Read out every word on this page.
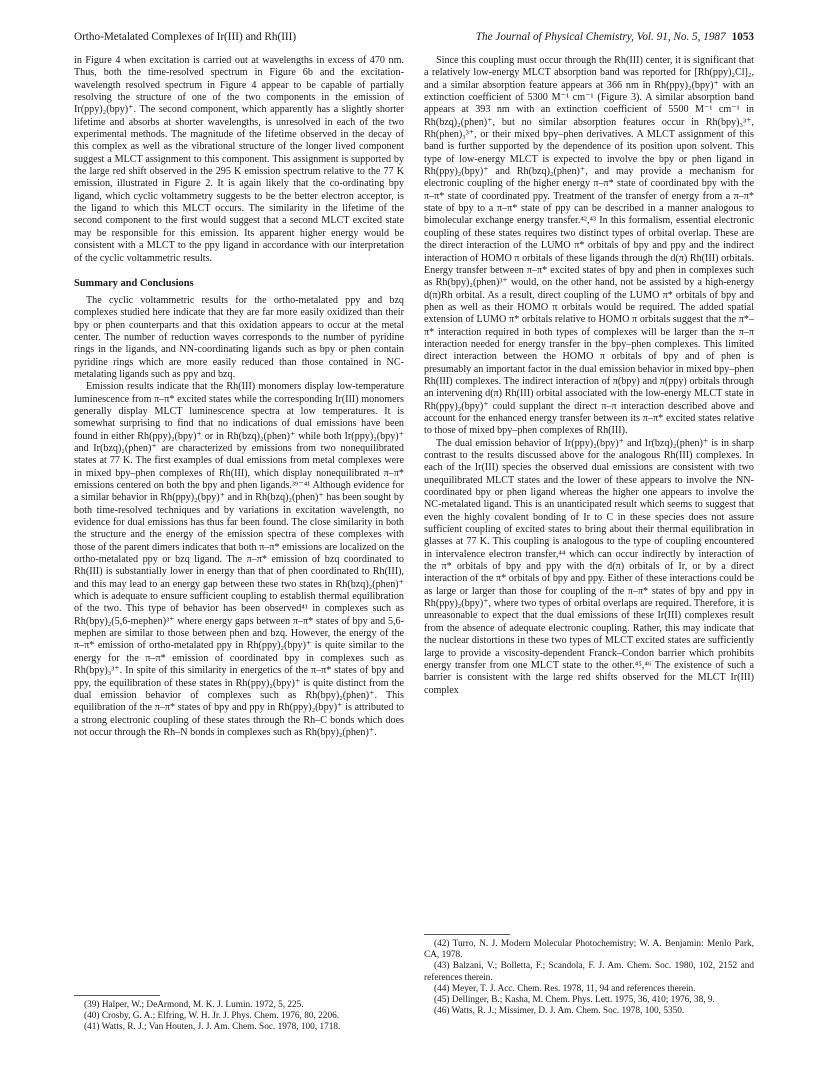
Ortho-Metalated Complexes of Ir(III) and Rh(III)	The Journal of Physical Chemistry, Vol. 91, No. 5, 1987 1053

in Figure 4 when excitation is carried out at wavelengths in excess of 470 nm. Thus, both the time-resolved spectrum in Figure 6b and the excitation-wavelength resolved spectrum in Figure 4 appear to be capable of partially resolving the structure of one of the two components in the emission of Ir(ppy)₂(bpy)⁺. The second component, which apparently has a slightly shorter lifetime and absorbs at shorter wavelengths, is unresolved in each of the two experimental methods. The magnitude of the lifetime observed in the decay of this complex as well as the vibrational structure of the longer lived component suggest a MLCT assignment to this component. This assignment is supported by the large red shift observed in the 295 K emission spectrum relative to the 77 K emission, illustrated in Figure 2. It is again likely that the co-ordinating bpy ligand, which cyclic voltammetry suggests to be the better electron acceptor, is the ligand to which this MLCT occurs. The similarity in the lifetime of the second component to the first would suggest that a second MLCT excited state may be responsible for this emission. Its apparent higher energy would be consistent with a MLCT to the ppy ligand in accordance with our interpretation of the cyclic voltammetric results.

Summary and Conclusions

The cyclic voltammetric results for the ortho-metalated ppy and bzq complexes studied here indicate that they are far more easily oxidized than their bpy or phen counterparts and that this oxidation appears to occur at the metal center. The number of reduction waves corresponds to the number of pyridine rings in the ligands, and NN-coordinating ligands such as bpy or phen contain pyridine rings which are more easily reduced than those contained in NC-metalating ligands such as ppy and bzq.

Emission results indicate that the Rh(III) monomers display low-temperature luminescence from π–π* excited states while the corresponding Ir(III) monomers generally display MLCT luminescence spectra at low temperatures. It is somewhat surprising to find that no indications of dual emissions have been found in either Rh(ppy)₂(bpy)⁺ or in Rh(bzq)₂(phen)⁺ while both Ir(ppy)₂(bpy)⁺ and Ir(bzq)₂(phen)⁺ are characterized by emissions from two nonequilibrated states at 77 K. The first examples of dual emissions from metal complexes were in mixed bpy–phen complexes of Rh(III), which display nonequilibrated π–π* emissions centered on both the bpy and phen ligands.³⁹⁻⁴¹ Although evidence for a similar behavior in Rh(ppy)₂(bpy)⁺ and in Rh(bzq)₂(phen)⁺ has been sought by both time-resolved techniques and by variations in excitation wavelength, no evidence for dual emissions has thus far been found. The close similarity in both the structure and the energy of the emission spectra of these complexes with those of the parent dimers indicates that both π–π* emissions are localized on the ortho-metalated ppy or bzq ligand. The π–π* emission of bzq coordinated to Rh(III) is substantially lower in energy than that of phen coordinated to Rh(III), and this may lead to an energy gap between these two states in Rh(bzq)₂(phen)⁺ which is adequate to ensure sufficient coupling to establish thermal equilibration of the two. This type of behavior has been observed⁴¹ in complexes such as Rh(bpy)₂(5,6-mephen)³⁺ where energy gaps between π–π* states of bpy and 5,6-mephen are similar to those between phen and bzq. However, the energy of the π–π* emission of ortho-metalated ppy in Rh(ppy)₂(bpy)⁺ is quite similar to the energy for the π–π* emission of coordinated bpy in complexes such as Rh(bpy)₃³⁺. In spite of this similarity in energetics of the π–π* states of bpy and ppy, the equilibration of these states in Rh(ppy)₂(bpy)⁺ is quite distinct from the dual emission behavior of complexes such as Rh(bpy)₂(phen)⁺. This equilibration of the π–π* states of bpy and ppy in Rh(ppy)₂(bpy)⁺ is attributed to a strong electronic coupling of these states through the Rh–C bonds which does not occur through the Rh–N bonds in complexes such as Rh(bpy)₂(phen)⁺.

Since this coupling must occur through the Rh(III) center, it is significant that a relatively low-energy MLCT absorption band was reported for [Rh(ppy)₂Cl]₂, and a similar absorption feature appears at 366 nm in Rh(ppy)₂(bpy)⁺ with an extinction coefficient of 5300 M⁻¹ cm⁻¹ (Figure 3). A similar absorption band appears at 393 nm with an extinction coefficient of 5500 M⁻¹ cm⁻¹ in Rh(bzq)₂(phen)⁺, but no similar absorption features occur in Rh(bpy)₃³⁺, Rh(phen)₃³⁺, or their mixed bpy–phen derivatives. A MLCT assignment of this band is further supported by the dependence of its position upon solvent. This type of low-energy MLCT is expected to involve the bpy or phen ligand in Rh(ppy)₂(bpy)⁺ and Rh(bzq)₂(phen)⁺, and may provide a mechanism for electronic coupling of the higher energy π–π* state of coordinated bpy with the π–π* state of coordinated ppy. Treatment of the transfer of energy from a π–π* state of bpy to a π–π* state of ppy can be described in a manner analogous to bimolecular exchange energy transfer.⁴²,⁴³ In this formalism, essential electronic coupling of these states requires two distinct types of orbital overlap. These are the direct interaction of the LUMO π* orbitals of bpy and ppy and the indirect interaction of HOMO π orbitals of these ligands through the d(π) Rh(III) orbitals. Energy transfer between π–π* excited states of bpy and phen in complexes such as Rh(bpy)₂(phen)³⁺ would, on the other hand, not be assisted by a high-energy d(π)Rh orbital. As a result, direct coupling of the LUMO π* orbitals of bpy and phen as well as their HOMO π orbitals would be required. The added spatial extension of LUMO π* orbitals relative to HOMO π orbitals suggest that the π*–π* interaction required in both types of complexes will be larger than the π–π interaction needed for energy transfer in the bpy–phen complexes. This limited direct interaction between the HOMO π orbitals of bpy and of phen is presumably an important factor in the dual emission behavior in mixed bpy–phen Rh(III) complexes. The indirect interaction of π(bpy) and π(ppy) orbitals through an intervening d(π) Rh(III) orbital associated with the low-energy MLCT state in Rh(ppy)₂(bpy)⁺ could supplant the direct π–π interaction described above and account for the enhanced energy transfer between its π–π* excited states relative to those of mixed bpy–phen complexes of Rh(III).

The dual emission behavior of Ir(ppy)₂(bpy)⁺ and Ir(bzq)₂(phen)⁺ is in sharp contrast to the results discussed above for the analogous Rh(III) complexes. In each of the Ir(III) species the observed dual emissions are consistent with two unequilibrated MLCT states and the lower of these appears to involve the NN-coordinated bpy or phen ligand whereas the higher one appears to involve the NC-metalated ligand. This is an unanticipated result which seems to suggest that even the highly covalent bonding of Ir to C in these species does not assure sufficient coupling of excited states to bring about their thermal equilibration in glasses at 77 K. This coupling is analogous to the type of coupling encountered in intervalence electron transfer,⁴⁴ which can occur indirectly by interaction of the π* orbitals of bpy and ppy with the d(π) orbitals of Ir, or by a direct interaction of the π* orbitals of bpy and ppy. Either of these interactions could be as large or larger than those for coupling of the π–π* states of bpy and ppy in Rh(ppy)₂(bpy)⁺, where two types of orbital overlaps are required. Therefore, it is unreasonable to expect that the dual emissions of these Ir(III) complexes result from the absence of adequate electronic coupling. Rather, this may indicate that the nuclear distortions in these two types of MLCT excited states are sufficiently large to provide a viscosity-dependent Franck–Condon barrier which prohibits energy transfer from one MLCT state to the other.⁴⁵,⁴⁶ The existence of such a barrier is consistent with the large red shifts observed for the MLCT Ir(III) complex

(39) Halper, W.; DeArmond, M. K. J. Lumin. 1972, 5, 225.
(40) Crosby, G. A.; Elfring, W. H. Jr. J. Phys. Chem. 1976, 80, 2206.
(41) Watts, R. J.; Van Houten, J. J. Am. Chem. Soc. 1978, 100, 1718.
(42) Turro, N. J. Modern Molecular Photochemistry; W. A. Benjamin: Menlo Park, CA, 1978.
(43) Balzani, V.; Bolletta, F.; Scandola, F. J. Am. Chem. Soc. 1980, 102, 2152 and references therein.
(44) Meyer, T. J. Acc. Chem. Res. 1978, 11, 94 and references therein.
(45) Dellinger, B.; Kasha, M. Chem. Phys. Lett. 1975, 36, 410; 1976, 38, 9.
(46) Watts, R. J.; Missimer, D. J. Am. Chem. Soc. 1978, 100, 5350.
